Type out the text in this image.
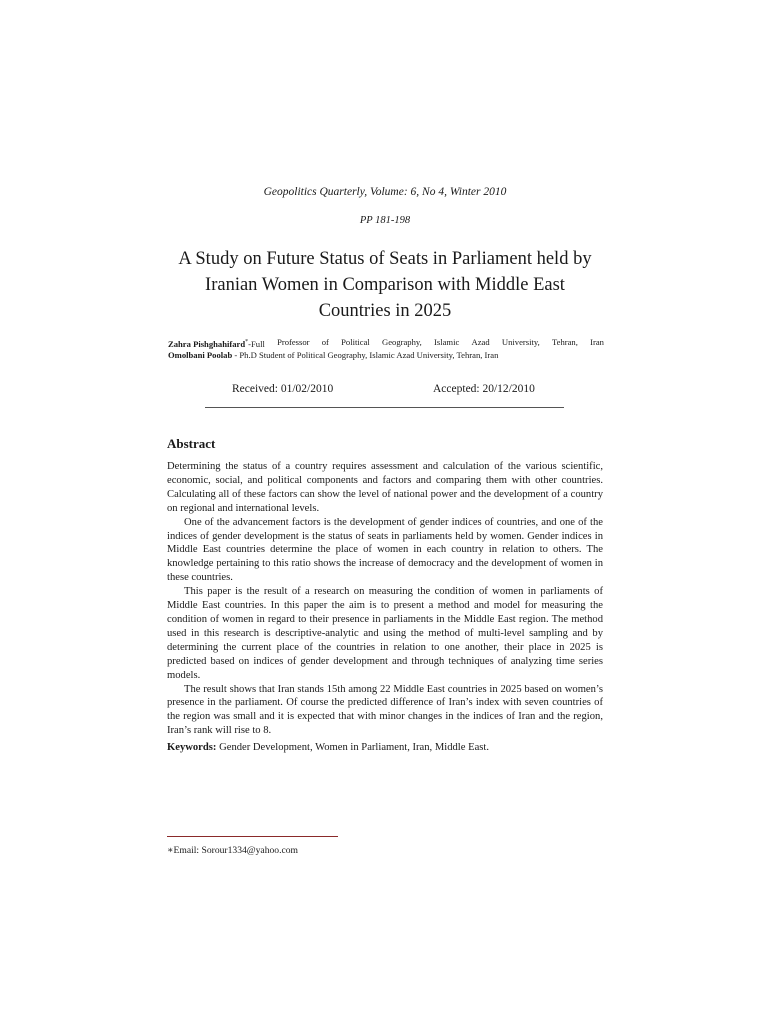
Geopolitics Quarterly, Volume: 6, No 4, Winter 2010
PP 181-198
A Study on Future Status of Seats in Parliament held by
Iranian Women in Comparison with Middle East
Countries in 2025
Zahra Pishghahifard*-Full Professor of Political Geography, Islamic Azad University, Tehran, Iran
Omolbani Poolab - Ph.D Student of Political Geography, Islamic Azad University, Tehran, Iran
Received: 01/02/2010	Accepted: 20/12/2010
Abstract

Determining the status of a country requires assessment and calculation of the various scientific, economic, social, and political components and factors and comparing them with other countries. Calculating all of these factors can show the level of national power and the development of a country on regional and international levels.

One of the advancement factors is the development of gender indices of countries, and one of the indices of gender development is the status of seats in parliaments held by women. Gender indices in Middle East countries determine the place of women in each country in relation to others. The knowledge pertaining to this ratio shows the increase of democracy and the development of women in these countries.

This paper is the result of a research on measuring the condition of women in parliaments of Middle East countries. In this paper the aim is to present a method and model for measuring the condition of women in regard to their presence in parliaments in the Middle East region. The method used in this research is descriptive-analytic and using the method of multi-level sampling and by determining the current place of the countries in relation to one another, their place in 2025 is predicted based on indices of gender development and through techniques of analyzing time series models.

The result shows that Iran stands 15th among 22 Middle East countries in 2025 based on women’s presence in the parliament. Of course the predicted difference of Iran’s index with seven countries of the region was small and it is expected that with minor changes in the indices of Iran and the region, Iran’s rank will rise to 8.

Keywords: Gender Development, Women in Parliament, Iran, Middle East.
∗Email: Sorour1334@yahoo.com
